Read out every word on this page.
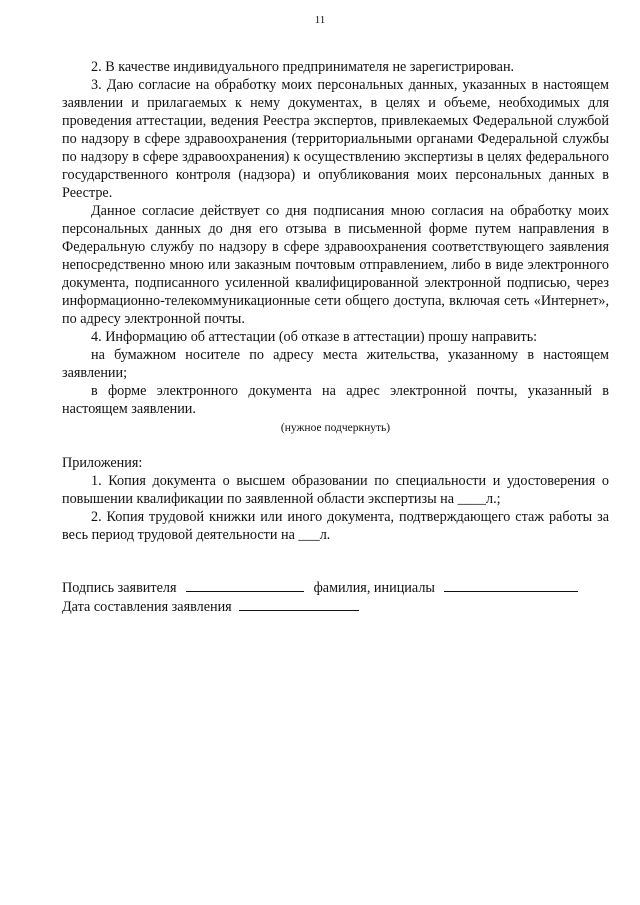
11

2. В качестве индивидуального предпринимателя не зарегистрирован.

3. Даю согласие на обработку моих персональных данных, указанных в настоящем заявлении и прилагаемых к нему документах, в целях и объеме, необходимых для проведения аттестации, ведения Реестра экспертов, привлекаемых Федеральной службой по надзору в сфере здравоохранения (территориальными органами Федеральной службы по надзору в сфере здравоохранения) к осуществлению экспертизы в целях федерального государственного контроля (надзора) и опубликования моих персональных данных в Реестре.

Данное согласие действует со дня подписания мною согласия на обработку моих персональных данных до дня его отзыва в письменной форме путем направления в Федеральную службу по надзору в сфере здравоохранения соответствующего заявления непосредственно мною или заказным почтовым отправлением, либо в виде электронного документа, подписанного усиленной квалифицированной электронной подписью, через информационно-телекоммуникационные сети общего доступа, включая сеть «Интернет», по адресу электронной почты.

4. Информацию об аттестации (об отказе в аттестации) прошу направить:

на бумажном носителе по адресу места жительства, указанному в настоящем заявлении;

в форме электронного документа на адрес электронной почты, указанный в настоящем заявлении.

(нужное подчеркнуть)

Приложения:

1. Копия документа о высшем образовании по специальности и удостоверения о повышении квалификации по заявленной области экспертизы на ____л.;

2. Копия трудовой книжки или иного документа, подтверждающего стаж работы за весь период трудовой деятельности на ___л.

Подпись заявителя	фамилия, инициалы
Дата составления заявления
